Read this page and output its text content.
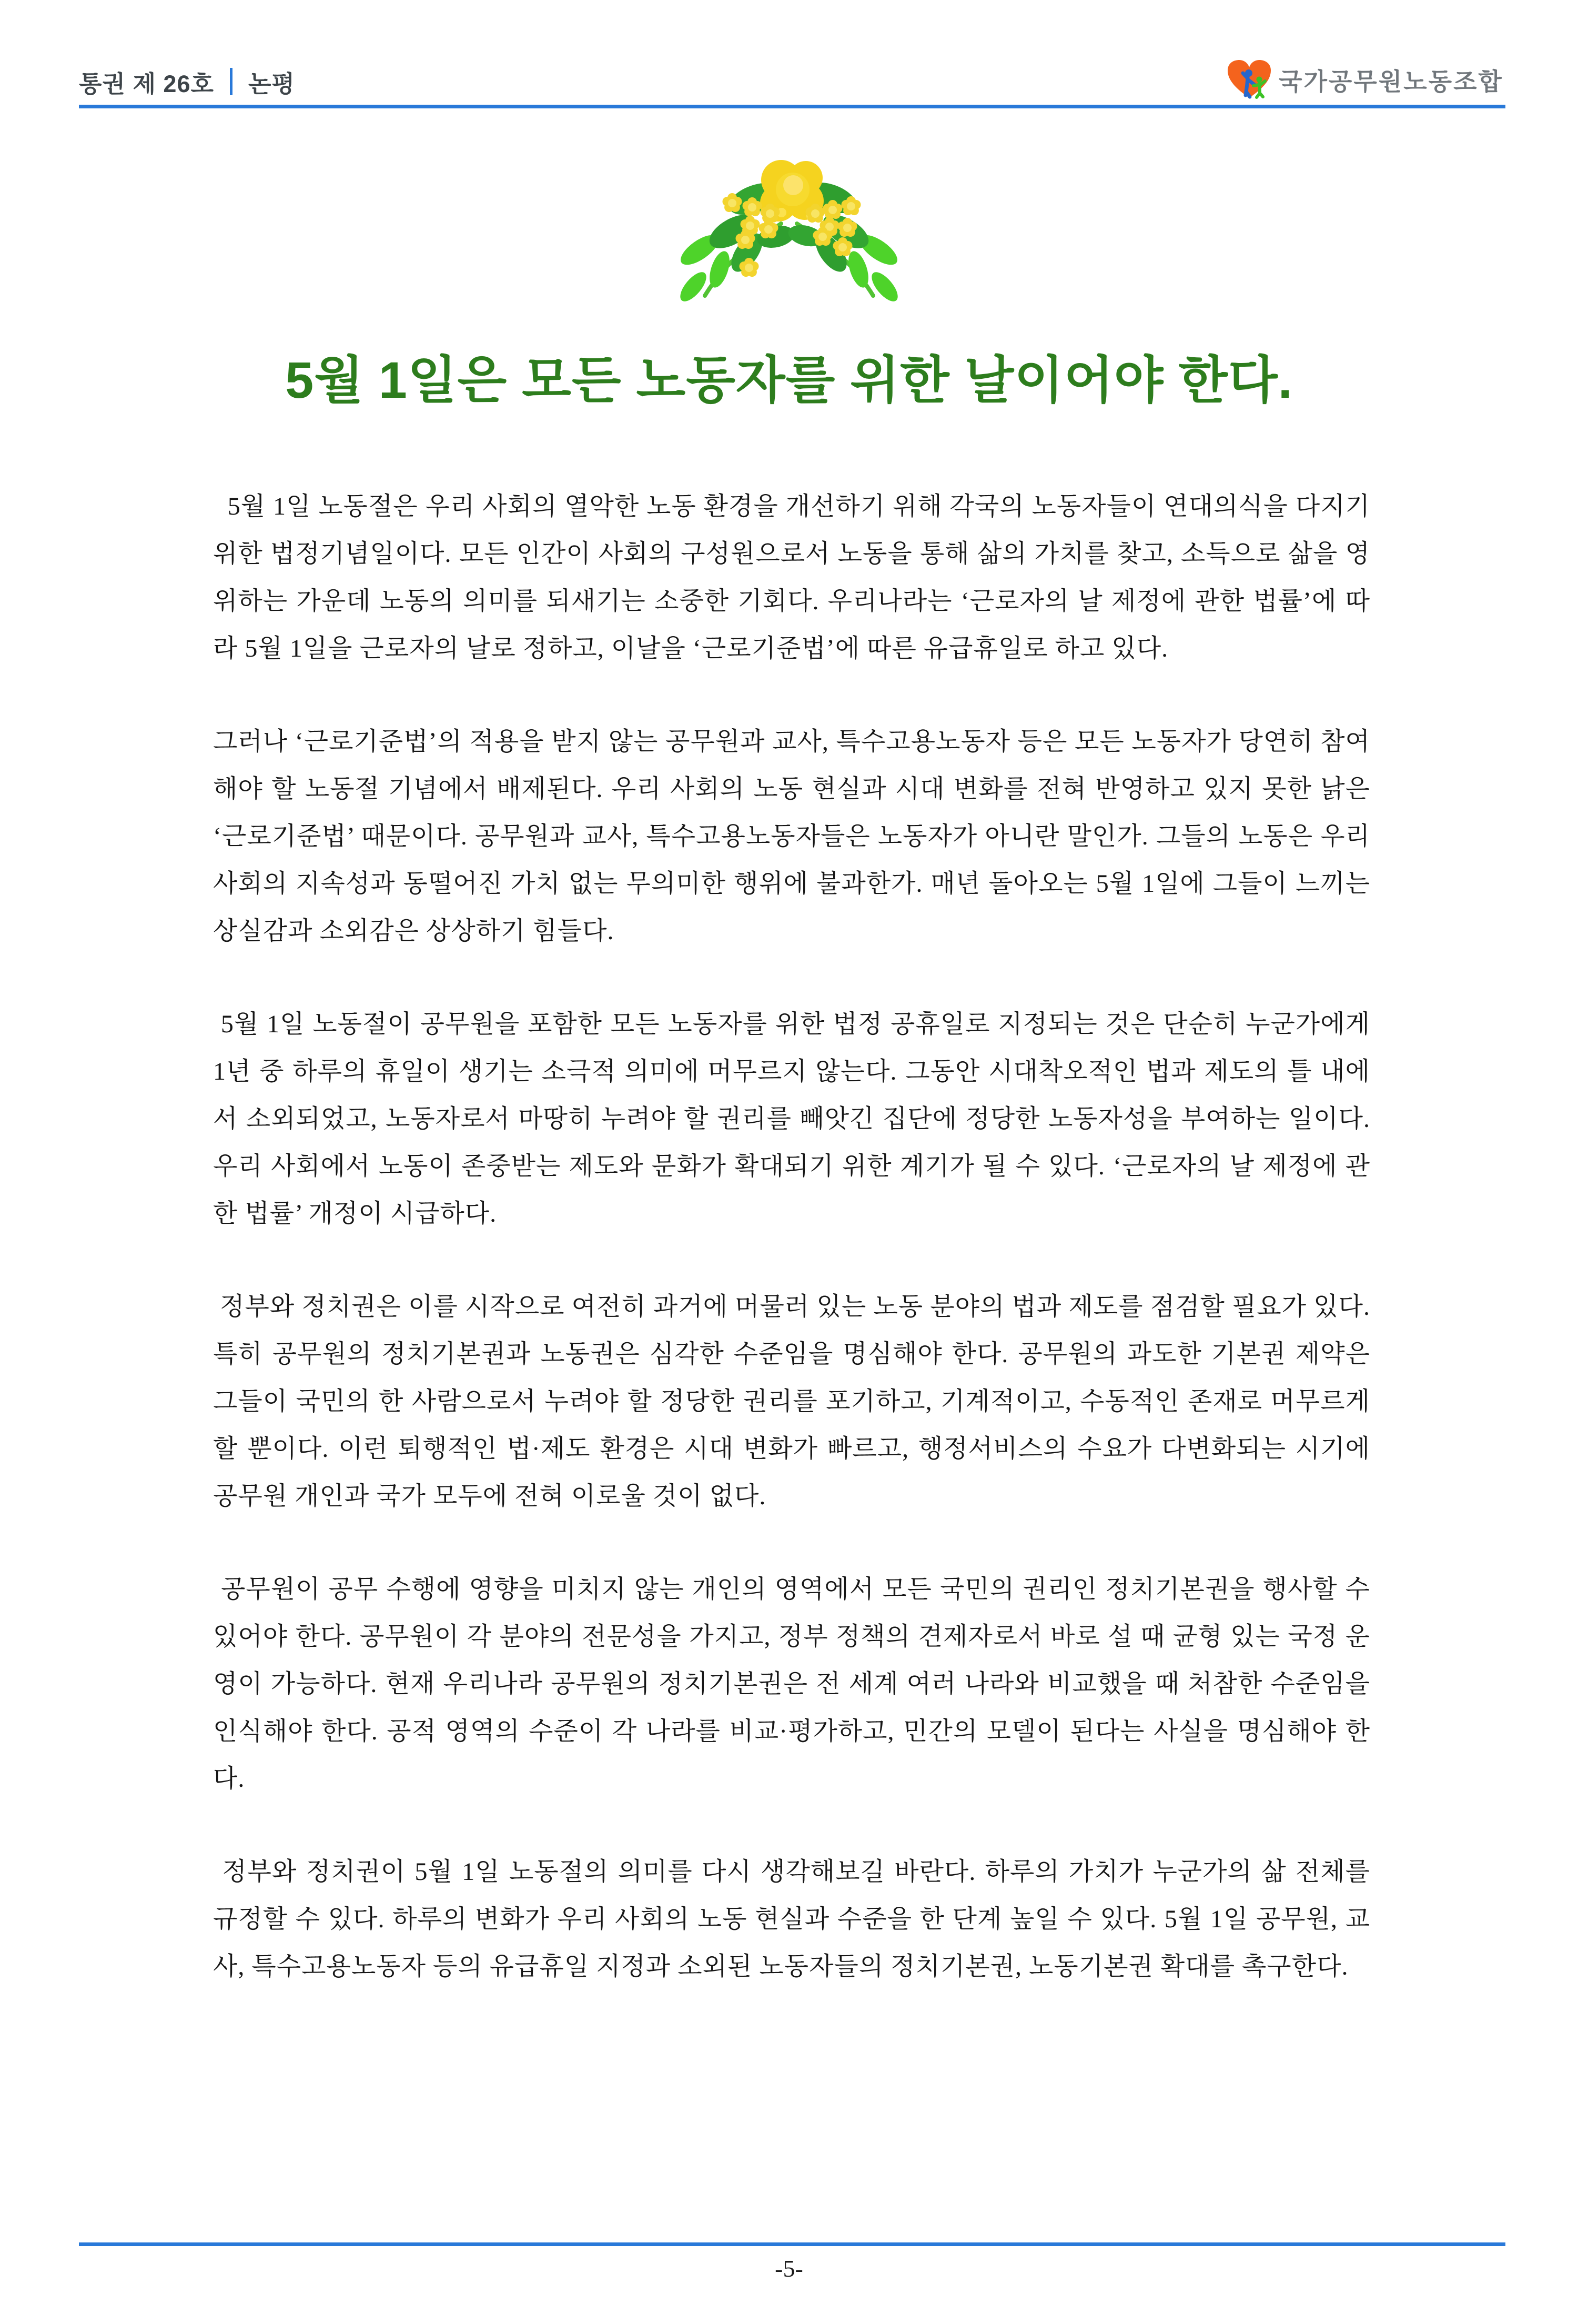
통권 제 26호 논평	국가공무원노동조합
5월 1일은 모든 노동자를 위한 날이어야 한다.

5월 1일 노동절은 우리 사회의 열악한 노동 환경을 개선하기 위해 각국의 노동자들이 연대의식을 다지기 위한 법정기념일이다. 모든 인간이 사회의 구성원으로서 노동을 통해 삶의 가치를 찾고, 소득으로 삶을 영위하는 가운데 노동의 의미를 되새기는 소중한 기회다. 우리나라는 ‘근로자의 날 제정에 관한 법률’에 따라 5월 1일을 근로자의 날로 정하고, 이날을 ‘근로기준법’에 따른 유급휴일로 하고 있다.

그러나 ‘근로기준법’의 적용을 받지 않는 공무원과 교사, 특수고용노동자 등은 모든 노동자가 당연히 참여해야 할 노동절 기념에서 배제된다. 우리 사회의 노동 현실과 시대 변화를 전혀 반영하고 있지 못한 낡은 ‘근로기준법’ 때문이다. 공무원과 교사, 특수고용노동자들은 노동자가 아니란 말인가. 그들의 노동은 우리 사회의 지속성과 동떨어진 가치 없는 무의미한 행위에 불과한가. 매년 돌아오는 5월 1일에 그들이 느끼는 상실감과 소외감은 상상하기 힘들다.

5월 1일 노동절이 공무원을 포함한 모든 노동자를 위한 법정 공휴일로 지정되는 것은 단순히 누군가에게 1년 중 하루의 휴일이 생기는 소극적 의미에 머무르지 않는다. 그동안 시대착오적인 법과 제도의 틀 내에서 소외되었고, 노동자로서 마땅히 누려야 할 권리를 빼앗긴 집단에 정당한 노동자성을 부여하는 일이다. 우리 사회에서 노동이 존중받는 제도와 문화가 확대되기 위한 계기가 될 수 있다. ‘근로자의 날 제정에 관한 법률’ 개정이 시급하다.

정부와 정치권은 이를 시작으로 여전히 과거에 머물러 있는 노동 분야의 법과 제도를 점검할 필요가 있다. 특히 공무원의 정치기본권과 노동권은 심각한 수준임을 명심해야 한다. 공무원의 과도한 기본권 제약은 그들이 국민의 한 사람으로서 누려야 할 정당한 권리를 포기하고, 기계적이고, 수동적인 존재로 머무르게 할 뿐이다. 이런 퇴행적인 법·제도 환경은 시대 변화가 빠르고, 행정서비스의 수요가 다변화되는 시기에 공무원 개인과 국가 모두에 전혀 이로울 것이 없다.

공무원이 공무 수행에 영향을 미치지 않는 개인의 영역에서 모든 국민의 권리인 정치기본권을 행사할 수 있어야 한다. 공무원이 각 분야의 전문성을 가지고, 정부 정책의 견제자로서 바로 설 때 균형 있는 국정 운영이 가능하다. 현재 우리나라 공무원의 정치기본권은 전 세계 여러 나라와 비교했을 때 처참한 수준임을 인식해야 한다. 공적 영역의 수준이 각 나라를 비교·평가하고, 민간의 모델이 된다는 사실을 명심해야 한다.

정부와 정치권이 5월 1일 노동절의 의미를 다시 생각해보길 바란다. 하루의 가치가 누군가의 삶 전체를 규정할 수 있다. 하루의 변화가 우리 사회의 노동 현실과 수준을 한 단계 높일 수 있다. 5월 1일 공무원, 교사, 특수고용노동자 등의 유급휴일 지정과 소외된 노동자들의 정치기본권, 노동기본권 확대를 촉구한다.

-5-
